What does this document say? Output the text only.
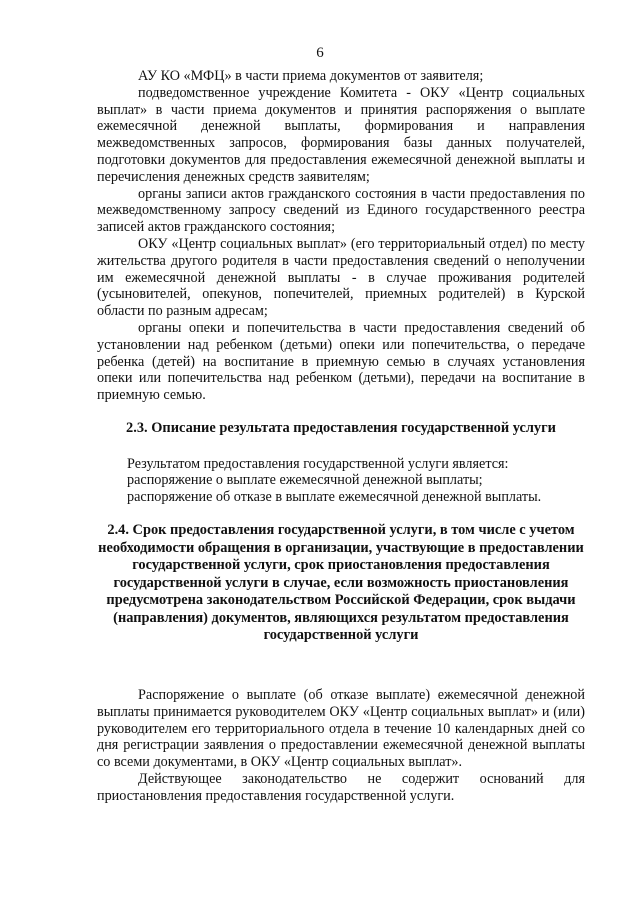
6

АУ КО «МФЦ» в части приема документов от заявителя;

подведомственное учреждение Комитета - ОКУ «Центр социальных выплат» в части приема документов и принятия распоряжения о выплате ежемесячной денежной выплаты, формирования и направления межведомственных запросов, формирования базы данных получателей, подготовки документов для предоставления ежемесячной денежной выплаты и перечисления денежных средств заявителям;

органы записи актов гражданского состояния в части предоставления по межведомственному запросу сведений из Единого государственного реестра записей актов гражданского состояния;

ОКУ «Центр социальных выплат» (его территориальный отдел) по месту жительства другого родителя в части предоставления сведений о неполучении им ежемесячной денежной выплаты - в случае проживания родителей (усыновителей, опекунов, попечителей, приемных родителей) в Курской области по разным адресам;

органы опеки и попечительства в части предоставления сведений об установлении над ребенком (детьми) опеки или попечительства, о передаче ребенка (детей) на воспитание в приемную семью в случаях установления опеки или попечительства над ребенком (детьми), передачи на воспитание в приемную семью.

2.3. Описание результата предоставления государственной услуги

Результатом предоставления государственной услуги является:

распоряжение о выплате ежемесячной денежной выплаты;

распоряжение об отказе в выплате ежемесячной денежной выплаты.

2.4. Срок предоставления государственной услуги, в том числе с учетом необходимости обращения в организации, участвующие в предоставлении государственной услуги, срок приостановления предоставления государственной услуги в случае, если возможность приостановления предусмотрена законодательством Российской Федерации, срок выдачи (направления) документов, являющихся результатом предоставления государственной услуги

Распоряжение о выплате (об отказе выплате) ежемесячной денежной выплаты принимается руководителем ОКУ «Центр социальных выплат» и (или) руководителем его территориального отдела в течение 10 календарных дней со дня регистрации заявления о предоставлении ежемесячной денежной выплаты со всеми документами, в ОКУ «Центр социальных выплат».

Действующее законодательство не содержит оснований для приостановления предоставления государственной услуги.
